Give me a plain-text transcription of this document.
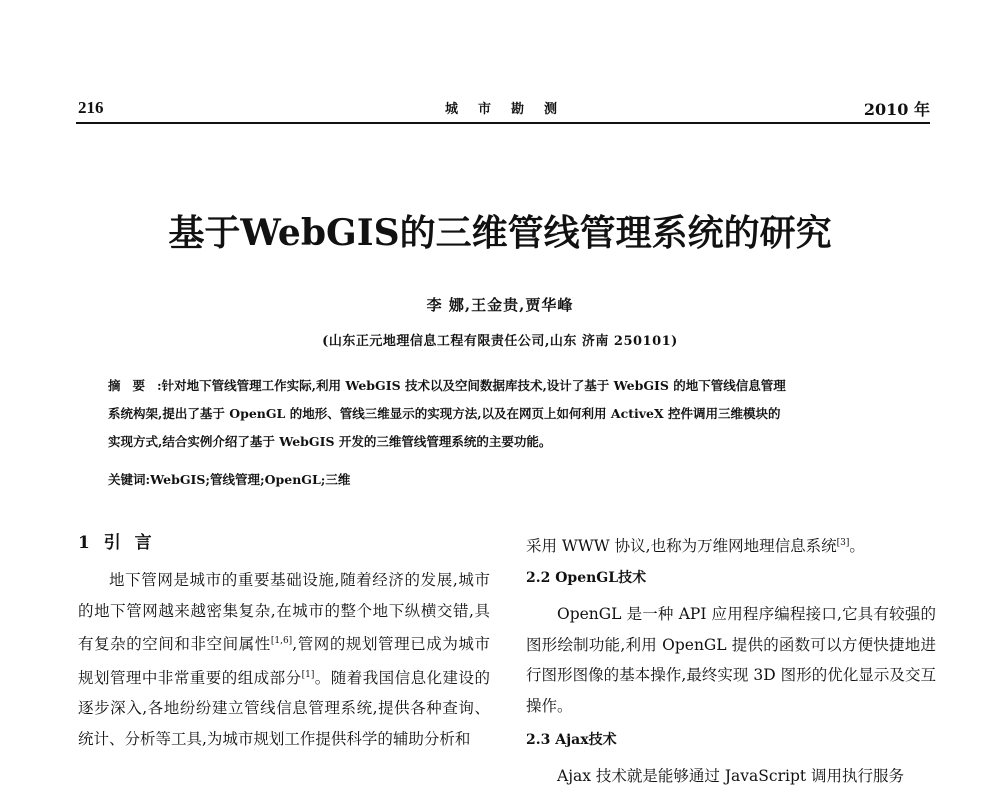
216	城市勘测	2010 年
基于WebGIS的三维管线管理系统的研究
李 娜,王金贵,贾华峰
(山东正元地理信息工程有限责任公司,山东 济南 250101)
摘要:针对地下管线管理工作实际,利用 WebGIS 技术以及空间数据库技术,设计了基于 WebGIS 的地下管线信息管理
系统构架,提出了基于 OpenGL 的地形、管线三维显示的实现方法,以及在网页上如何利用 ActiveX 控件调用三维模块的
实现方式,结合实例介绍了基于 WebGIS 开发的三维管线管理系统的主要功能。
关键词:WebGIS;管线管理;OpenGL;三维
1 引 言

地下管网是城市的重要基础设施,随着经济的发展,城市的地下管网越来越密集复杂,在城市的整个地下纵横交错,具有复杂的空间和非空间属性[1,6],管网的规划管理已成为城市规划管理中非常重要的组成部分[1]。随着我国信息化建设的逐步深入,各地纷纷建立管线信息管理系统,提供各种查询、统计、分析等工具,为城市规划工作提供科学的辅助分析和

采用 WWW 协议,也称为万维网地理信息系统[3]。

2.2 OpenGL技术

OpenGL 是一种 API 应用程序编程接口,它具有较强的图形绘制功能,利用 OpenGL 提供的函数可以方便快捷地进行图形图像的基本操作,最终实现 3D 图形的优化显示及交互操作。

2.3 Ajax技术

Ajax 技术就是能够通过 JavaScript 调用执行服务
